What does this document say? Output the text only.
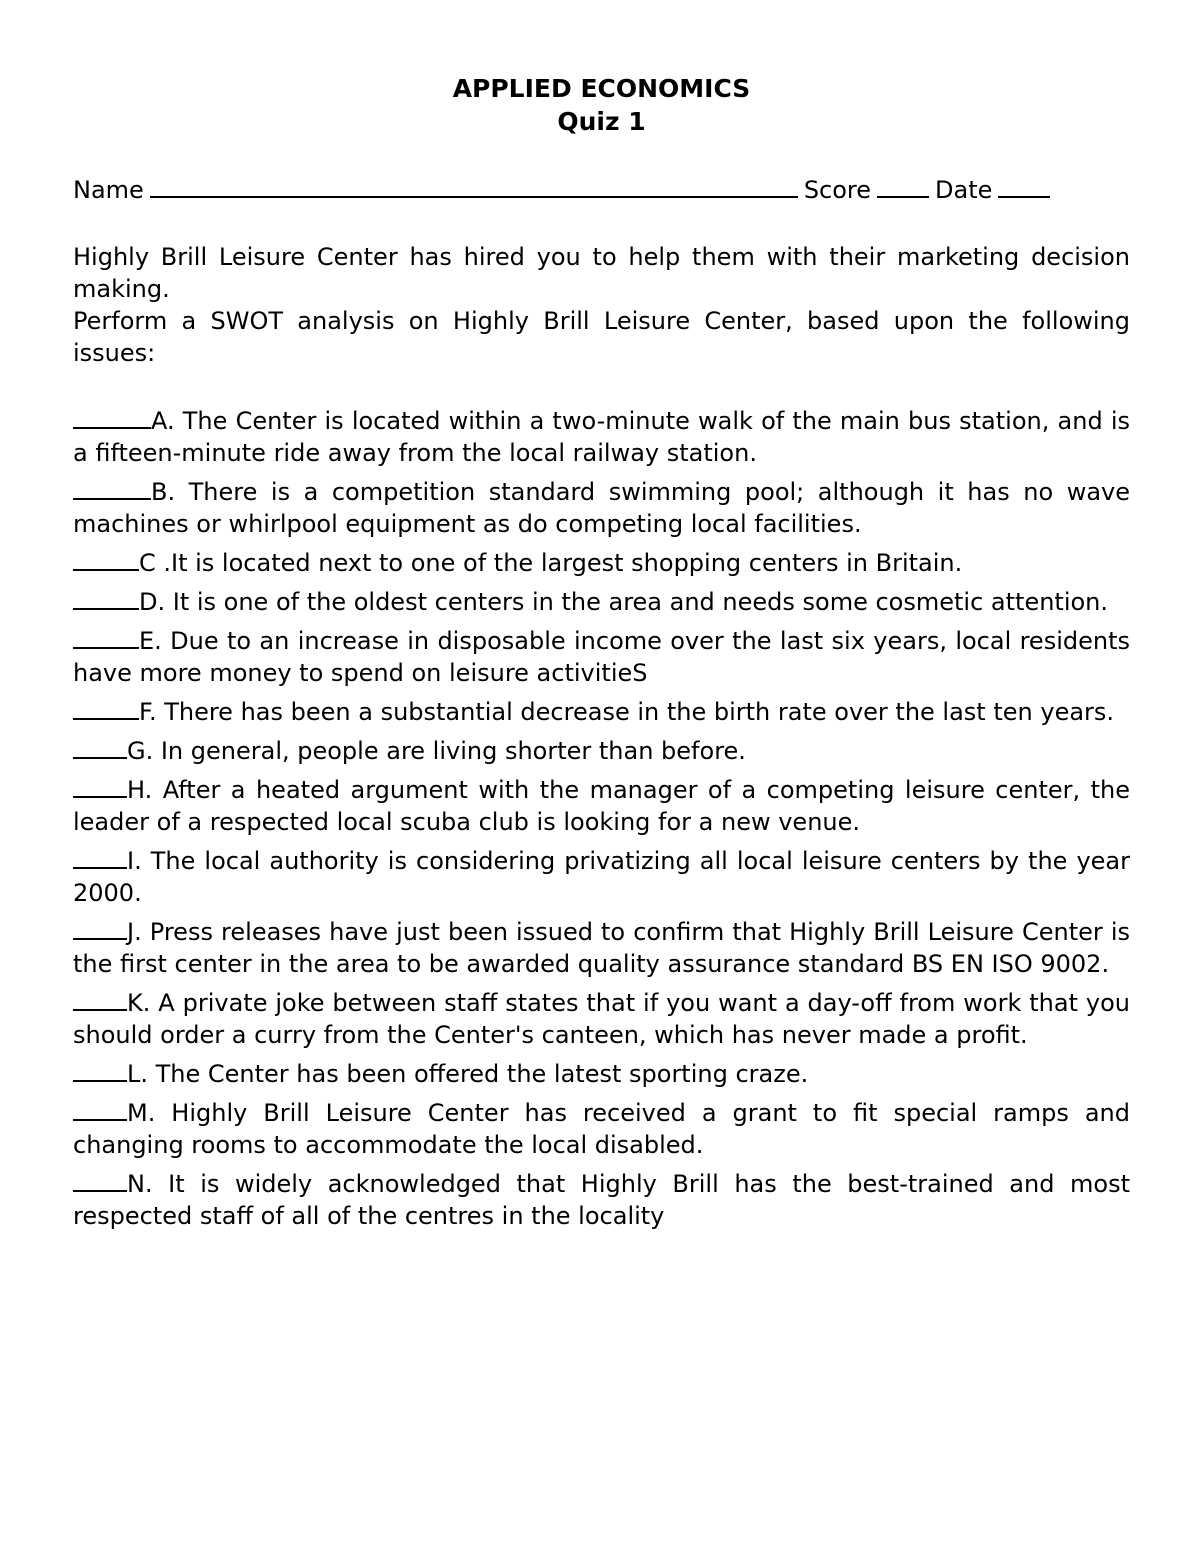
APPLIED ECONOMICS
Quiz 1
Name	Score	Date

Highly Brill Leisure Center has hired you to help them with their marketing decision making.

Perform a SWOT analysis on Highly Brill Leisure Center, based upon the following issues:

A. The Center is located within a two-minute walk of the main bus station, and is a fifteen-minute ride away from the local railway station.

B. There is a competition standard swimming pool; although it has no wave machines or whirlpool equipment as do competing local facilities.

C .It is located next to one of the largest shopping centers in Britain.

D. It is one of the oldest centers in the area and needs some cosmetic attention.

E. Due to an increase in disposable income over the last six years, local residents have more money to spend on leisure activitieS

F. There has been a substantial decrease in the birth rate over the last ten years.

G. In general, people are living shorter than before.

H. After a heated argument with the manager of a competing leisure center, the leader of a respected local scuba club is looking for a new venue.

I. The local authority is considering privatizing all local leisure centers by the year 2000.

J. Press releases have just been issued to confirm that Highly Brill Leisure Center is the first center in the area to be awarded quality assurance standard BS EN ISO 9002.

K. A private joke between staff states that if you want a day-off from work that you should order a curry from the Center's canteen, which has never made a profit.

L. The Center has been offered the latest sporting craze.

M. Highly Brill Leisure Center has received a grant to fit special ramps and changing rooms to accommodate the local disabled.

N. It is widely acknowledged that Highly Brill has the best-trained and most respected staff of all of the centres in the locality
